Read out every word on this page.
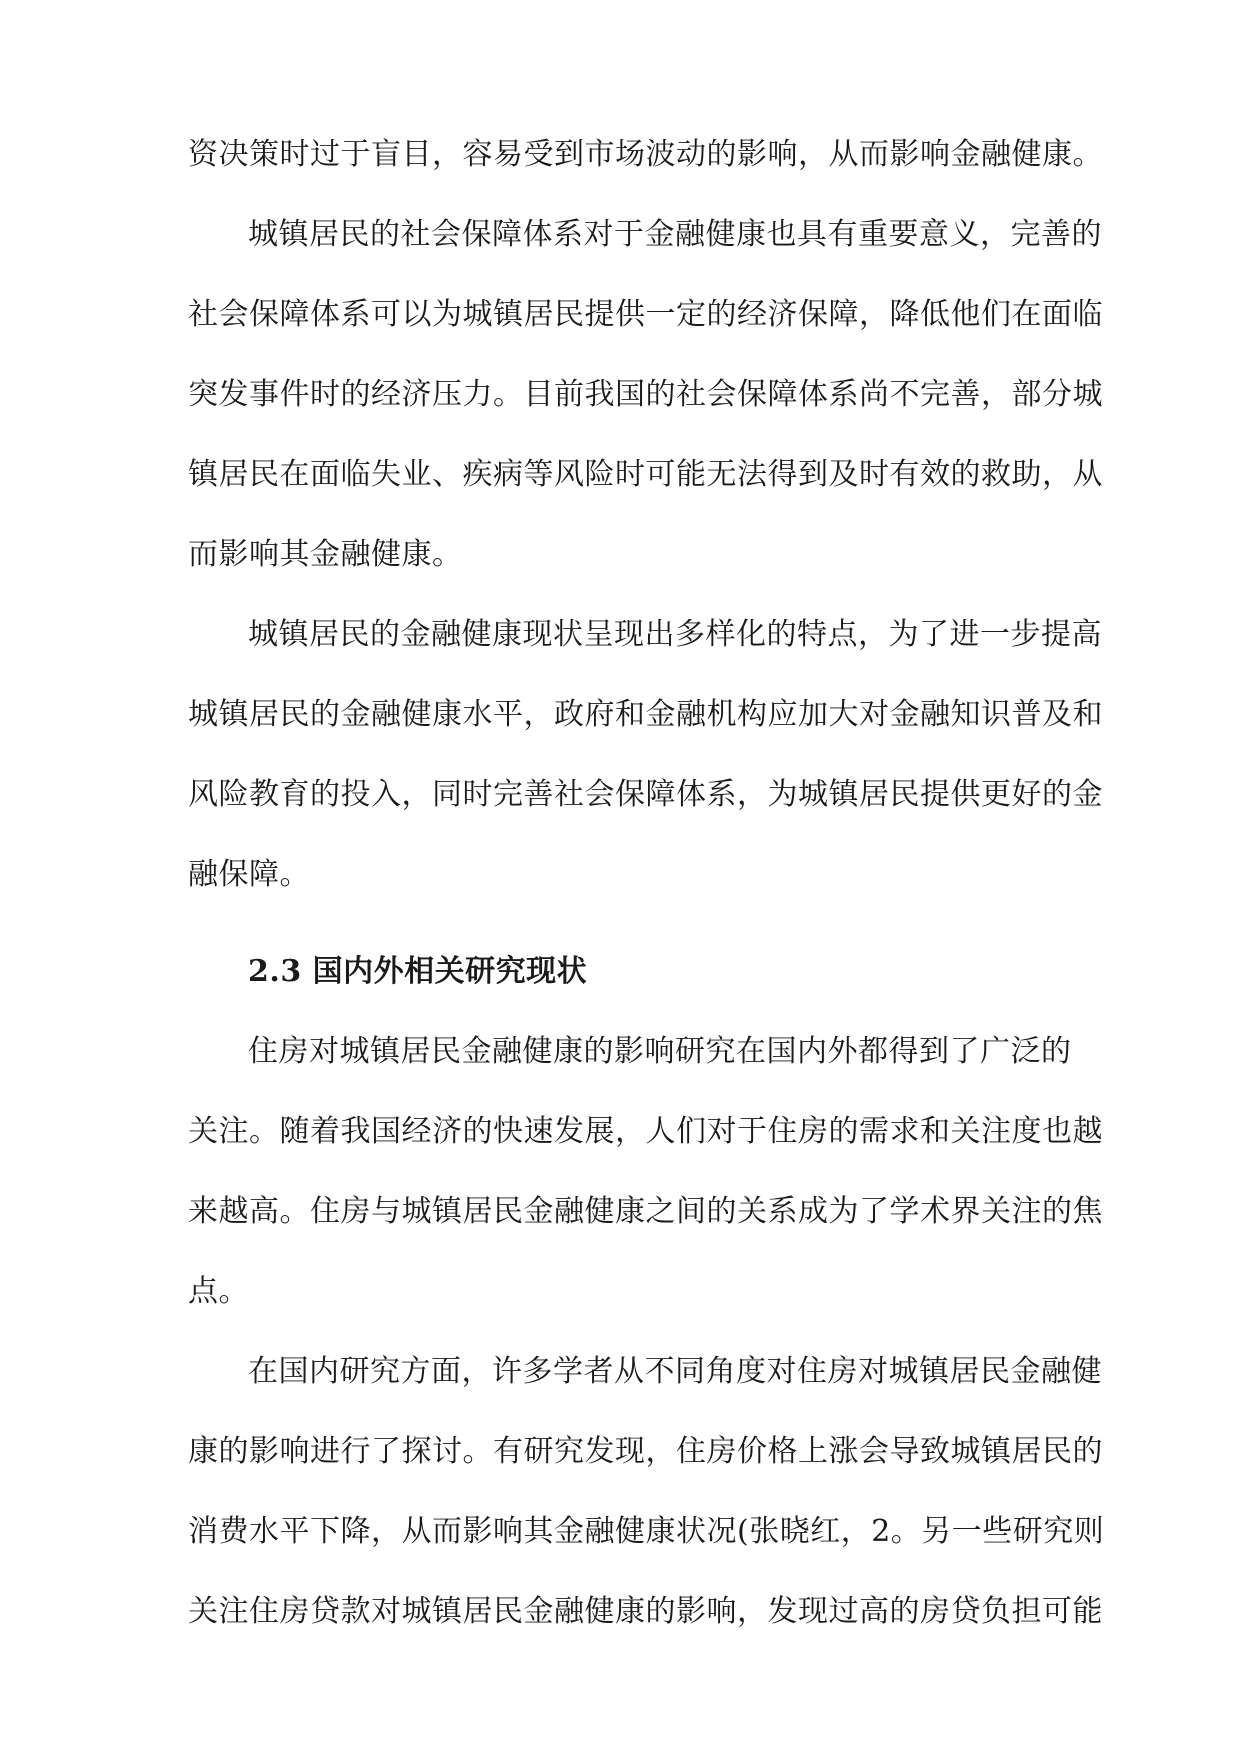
资决策时过于盲目，容易受到市场波动的影响，从而影响金融健康。
城镇居民的社会保障体系对于金融健康也具有重要意义，完善的
社会保障体系可以为城镇居民提供一定的经济保障，降低他们在面临
突发事件时的经济压力。目前我国的社会保障体系尚不完善，部分城
镇居民在面临失业、疾病等风险时可能无法得到及时有效的救助，从
而影响其金融健康。
城镇居民的金融健康现状呈现出多样化的特点，为了进一步提高
城镇居民的金融健康水平，政府和金融机构应加大对金融知识普及和
风险教育的投入，同时完善社会保障体系，为城镇居民提供更好的金
融保障。
2.3 国内外相关研究现状
住房对城镇居民金融健康的影响研究在国内外都得到了广泛的
关注。随着我国经济的快速发展，人们对于住房的需求和关注度也越
来越高。住房与城镇居民金融健康之间的关系成为了学术界关注的焦
点。
在国内研究方面，许多学者从不同角度对住房对城镇居民金融健
康的影响进行了探讨。有研究发现，住房价格上涨会导致城镇居民的
消费水平下降，从而影响其金融健康状况(张晓红，2。另一些研究则
关注住房贷款对城镇居民金融健康的影响，发现过高的房贷负担可能
